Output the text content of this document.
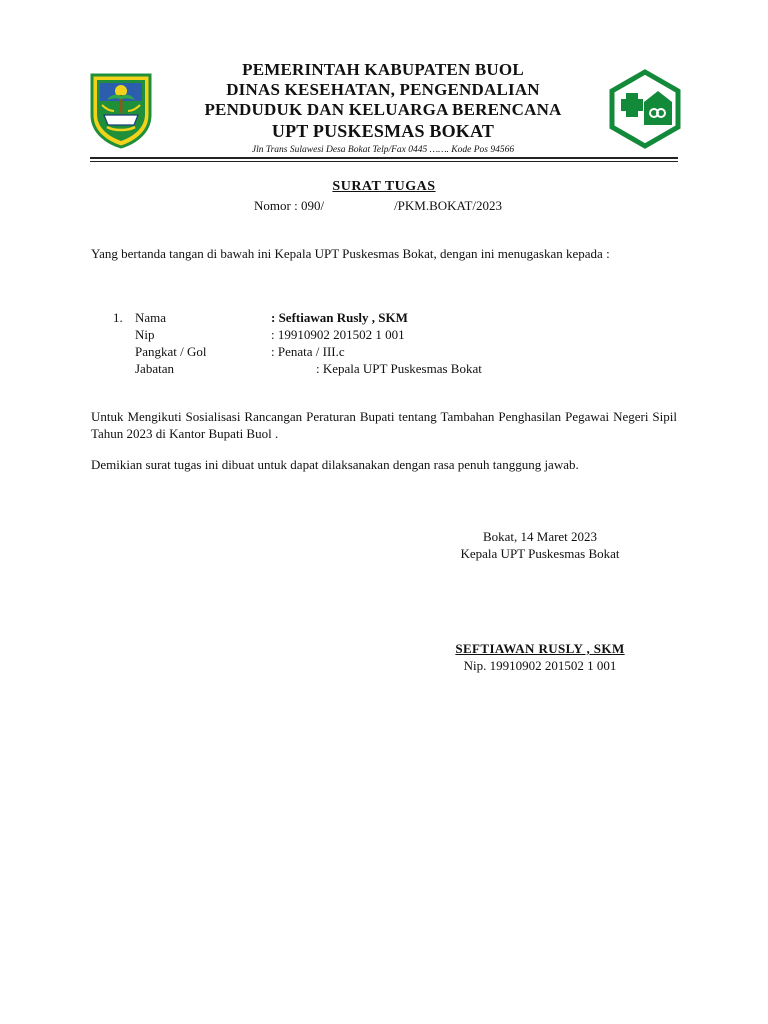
PEMERINTAH KABUPATEN BUOL
DINAS KESEHATAN, PENGENDALIAN
PENDUDUK DAN KELUARGA BERENCANA
UPT PUSKESMAS BOKAT
Jln Trans Sulawesi Desa Bokat Telp/Fax 0445 ……. Kode Pos 94566
SURAT TUGAS
Nomor : 090/	/PKM.BOKAT/2023
Yang bertanda tangan di bawah ini Kepala UPT Puskesmas Bokat, dengan ini menugaskan kepada :
1. Nama	: Seftiawan Rusly , SKM
Nip	: 19910902 201502 1 001
Pangkat / Gol	: Penata / III.c
Jabatan	: Kepala UPT Puskesmas Bokat
Untuk Mengikuti Sosialisasi Rancangan Peraturan Bupati tentang Tambahan Penghasilan Pegawai Negeri Sipil Tahun 2023 di Kantor Bupati Buol .
Demikian surat tugas ini dibuat untuk dapat dilaksanakan dengan rasa penuh tanggung jawab.
Bokat, 14 Maret 2023
Kepala UPT Puskesmas Bokat
SEFTIAWAN RUSLY , SKM
Nip. 19910902 201502 1 001
